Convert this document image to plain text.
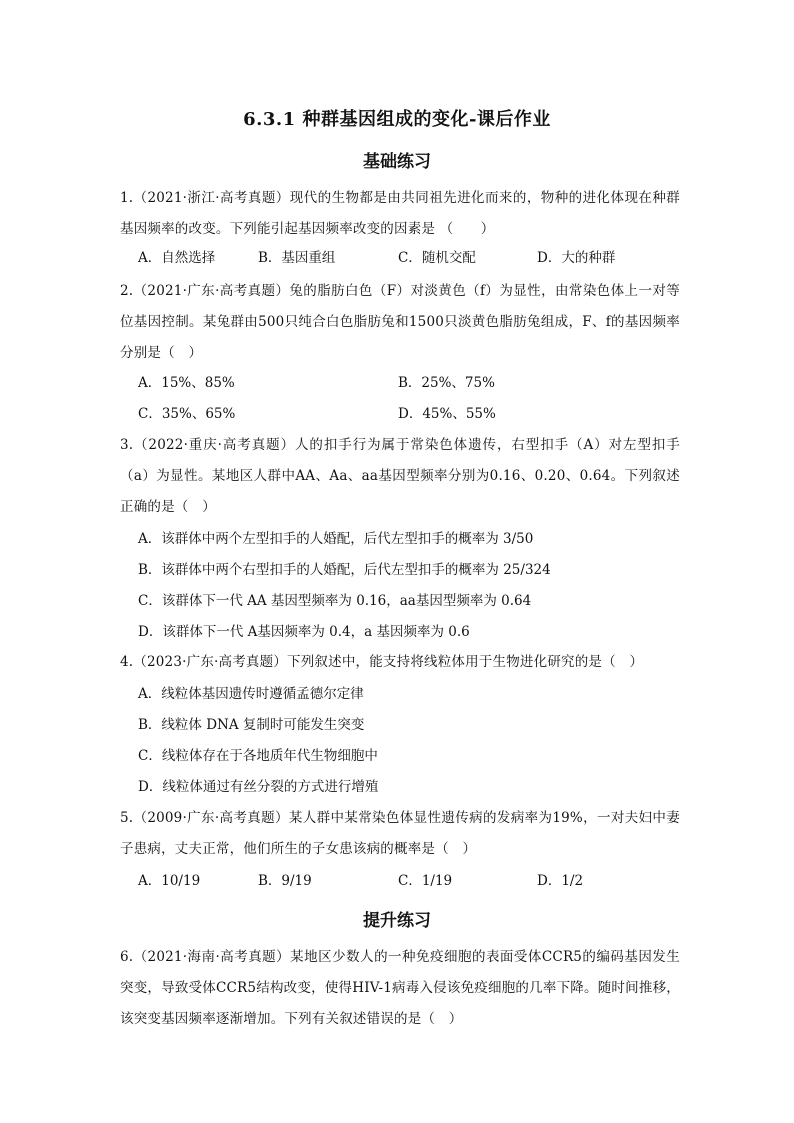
6.3.1 种群基因组成的变化-课后作业
基础练习
1.（2021·浙江·高考真题）现代的生物都是由共同祖先进化而来的，物种的进化体现在种群基因频率的改变。下列能引起基因频率改变的因素是 （　　）
A．自然选择	B．基因重组	C．随机交配	D．大的种群
2.（2021·广东·高考真题）兔的脂肪白色（F）对淡黄色（f）为显性，由常染色体上一对等位基因控制。某兔群由500只纯合白色脂肪兔和1500只淡黄色脂肪兔组成，F、f的基因频率分别是（　）
A．15%、85%	B．25%、75%
C．35%、65%	D．45%、55%
3.（2022·重庆·高考真题）人的扣手行为属于常染色体遗传，右型扣手（A）对左型扣手（a）为显性。某地区人群中AA、Aa、aa基因型频率分别为0.16、0.20、0.64。下列叙述正确的是（　）
A．该群体中两个左型扣手的人婚配，后代左型扣手的概率为 3/50
B．该群体中两个右型扣手的人婚配，后代左型扣手的概率为 25/324
C．该群体下一代 AA 基因型频率为 0.16，aa基因型频率为 0.64
D．该群体下一代 A基因频率为 0.4，a 基因频率为 0.6
4.（2023·广东·高考真题）下列叙述中，能支持将线粒体用于生物进化研究的是（　）
A．线粒体基因遗传时遵循孟德尔定律
B．线粒体 DNA 复制时可能发生突变
C．线粒体存在于各地质年代生物细胞中
D．线粒体通过有丝分裂的方式进行增殖
5.（2009·广东·高考真题）某人群中某常染色体显性遗传病的发病率为19%，一对夫妇中妻子患病，丈夫正常，他们所生的子女患该病的概率是（　）
A．10/19	B．9/19	C．1/19	D．1/2
提升练习
6.（2021·海南·高考真题）某地区少数人的一种免疫细胞的表面受体CCR5的编码基因发生突变，导致受体CCR5结构改变，使得HIV-1病毒入侵该免疫细胞的几率下降。随时间推移，该突变基因频率逐渐增加。下列有关叙述错误的是（　）
